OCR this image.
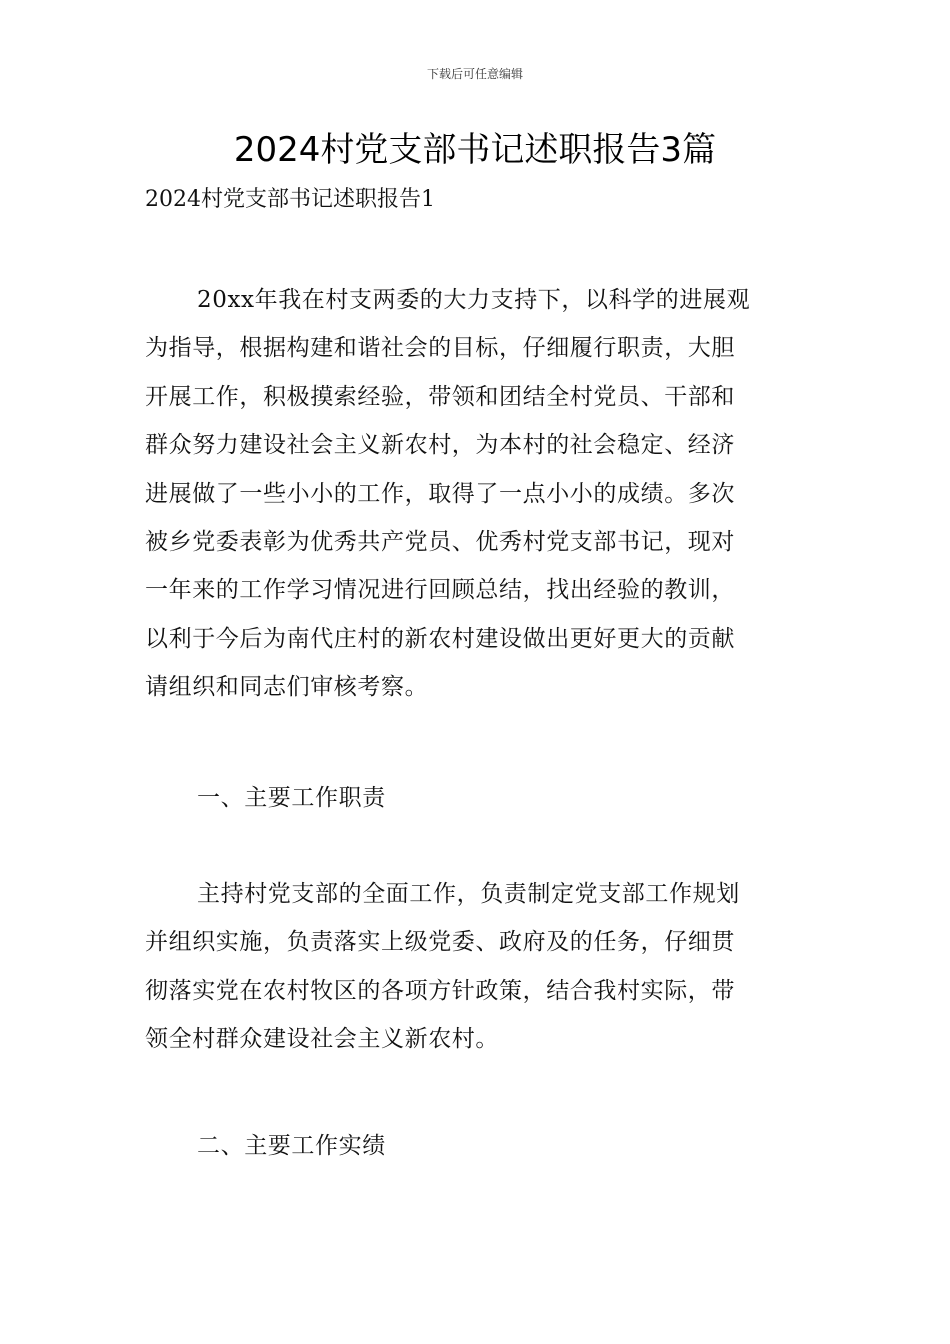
下载后可任意编辑
2024村党支部书记述职报告3篇
2024村党支部书记述职报告1
20xx年我在村支两委的大力支持下，以科学的进展观
为指导，根据构建和谐社会的目标，仔细履行职责，大胆
开展工作，积极摸索经验，带领和团结全村党员、干部和
群众努力建设社会主义新农村，为本村的社会稳定、经济
进展做了一些小小的工作，取得了一点小小的成绩。多次
被乡党委表彰为优秀共产党员、优秀村党支部书记，现对
一年来的工作学习情况进行回顾总结，找出经验的教训，
以利于今后为南代庄村的新农村建设做出更好更大的贡献
请组织和同志们审核考察。
一、主要工作职责
主持村党支部的全面工作，负责制定党支部工作规划
并组织实施，负责落实上级党委、政府及的任务，仔细贯
彻落实党在农村牧区的各项方针政策，结合我村实际，带
领全村群众建设社会主义新农村。
二、主要工作实绩
